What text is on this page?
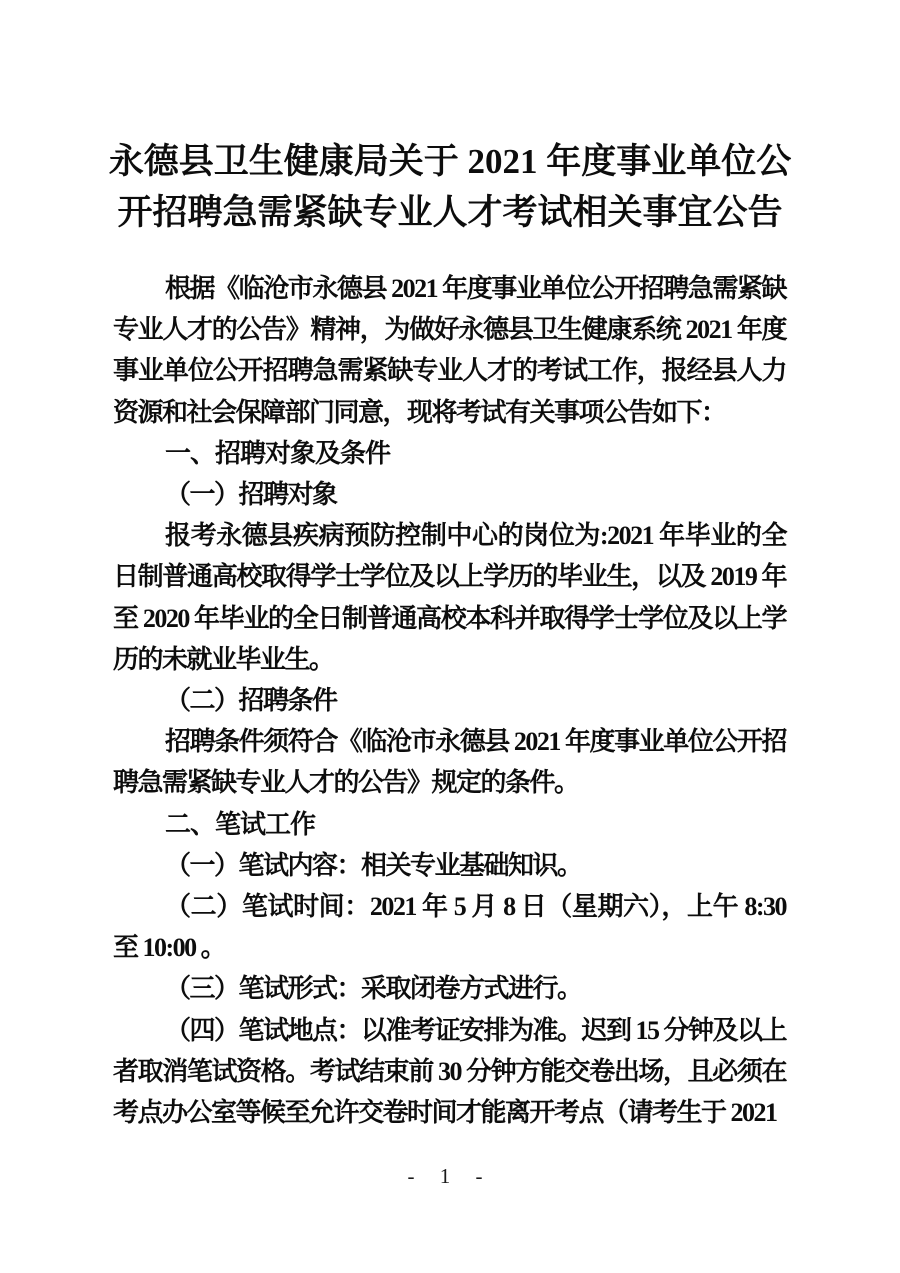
永德县卫生健康局关于 2021 年度事业单位公
开招聘急需紧缺专业人才考试相关事宜公告

根据《临沧市永德县 2021 年度事业单位公开招聘急需紧缺专业人才的公告》精神，为做好永德县卫生健康系统 2021 年度事业单位公开招聘急需紧缺专业人才的考试工作，报经县人力资源和社会保障部门同意，现将考试有关事项公告如下：

一、招聘对象及条件

（一）招聘对象

报考永德县疾病预防控制中心的岗位为:2021 年毕业的全日制普通高校取得学士学位及以上学历的毕业生，以及 2019 年至 2020 年毕业的全日制普通高校本科并取得学士学位及以上学历的未就业毕业生。

（二）招聘条件

招聘条件须符合《临沧市永德县 2021 年度事业单位公开招聘急需紧缺专业人才的公告》规定的条件。

二、笔试工作

（一）笔试内容：相关专业基础知识。

（二）笔试时间：2021 年 5 月 8 日（星期六），上午 8:30 至 10:00 。

（三）笔试形式：采取闭卷方式进行。

（四）笔试地点：以准考证安排为准。迟到 15 分钟及以上者取消笔试资格。考试结束前 30 分钟方能交卷出场，且必须在考点办公室等候至允许交卷时间才能离开考点（请考生于 2021

- 1 -
